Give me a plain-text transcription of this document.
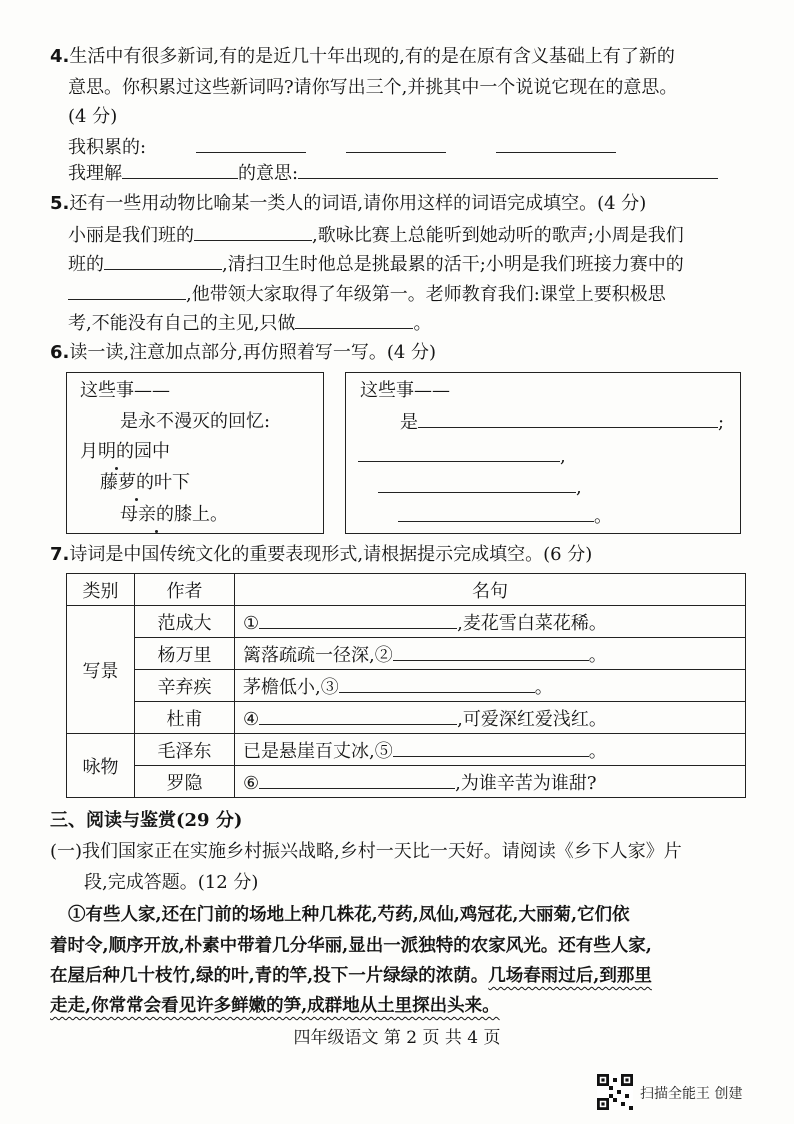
4.生活中有很多新词,有的是近几十年出现的,有的是在原有含义基础上有了新的
意思。你积累过这些新词吗?请你写出三个,并挑其中一个说说它现在的意思。
(4 分)
我积累的:
我理解	的意思:
5.还有一些用动物比喻某一类人的词语,请你用这样的词语完成填空。(4 分)
小丽是我们班的	,歌咏比赛上总能听到她动听的歌声;小周是我们
班的	,清扫卫生时他总是挑最累的活干;小明是我们班接力赛中的
,他带领大家取得了年级第一。老师教育我们:课堂上要积极思
考,不能没有自己的主见,只做	。
6.读一读,注意加点部分,再仿照着写一写。(4 分)
这些事——
是永不漫灭的回忆:
月明的园中
藤萝的叶下
母亲的膝上。
这些事——
是	;
,
,
。
7.诗词是中国传统文化的重要表现形式,请根据提示完成填空。(6 分)
类别	作者	名句
写景	范成大	① ,麦花雪白菜花稀。
	杨万里	篱落疏疏一径深,② 。
	辛弃疾	茅檐低小,③ 。
	杜甫	④ ,可爱深红爱浅红。
咏物	毛泽东	已是悬崖百丈冰,⑤ 。
	罗隐	⑥ ,为谁辛苦为谁甜?
三、阅读与鉴赏(29 分)
(一)我们国家正在实施乡村振兴战略,乡村一天比一天好。请阅读《乡下人家》片
段,完成答题。(12 分)
①有些人家,还在门前的场地上种几株花,芍药,凤仙,鸡冠花,大丽菊,它们依
着时令,顺序开放,朴素中带着几分华丽,显出一派独特的农家风光。还有些人家,
在屋后种几十枝竹,绿的叶,青的竿,投下一片绿绿的浓荫。几场春雨过后,到那里
走走,你常常会看见许多鲜嫩的笋,成群地从土里探出头来。
四年级语文 第 2 页 共 4 页
扫描全能王 创建
